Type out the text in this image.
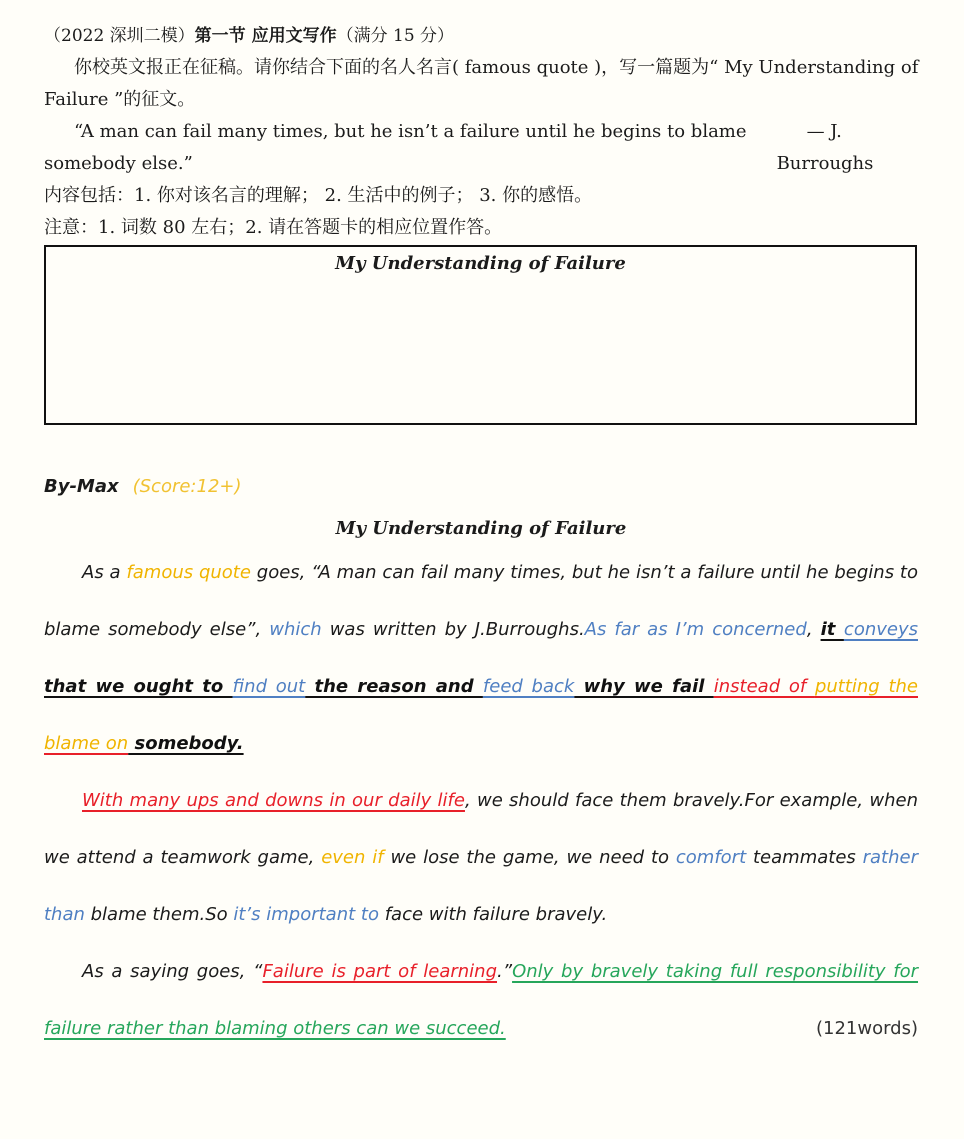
（2022 深圳二模）第一节 应用文写作（满分 15 分）

你校英文报正在征稿。请你结合下面的名人名言( famous quote )，写一篇题为“ My Understanding of Failure ”的征文。

“A man can fail many times, but he isn’t a failure until he begins to blame somebody else.”
— J. Burroughs

内容包括：1. 你对该名言的理解； 2. 生活中的例子； 3. 你的感悟。

注意：1. 词数 80 左右；2. 请在答题卡的相应位置作答。

My Understanding of Failure
By-Max (Score:12+)
My Understanding of Failure

As a famous quote goes, “A man can fail many times, but he isn’t a failure until he begins to blame somebody else”, which was written by J.Burroughs.As far as I’m concerned, it conveys that we ought to find out the reason and feed back why we fail instead of putting the blame on somebody.

With many ups and downs in our daily life, we should face them bravely.For example, when we attend a teamwork game, even if we lose the game, we need to comfort teammates rather than blame them.So it’s important to face with failure bravely.

As a saying goes, “Failure is part of learning.”Only by bravely taking full responsibility for failure rather than blaming others can we succeed.	(121words)
